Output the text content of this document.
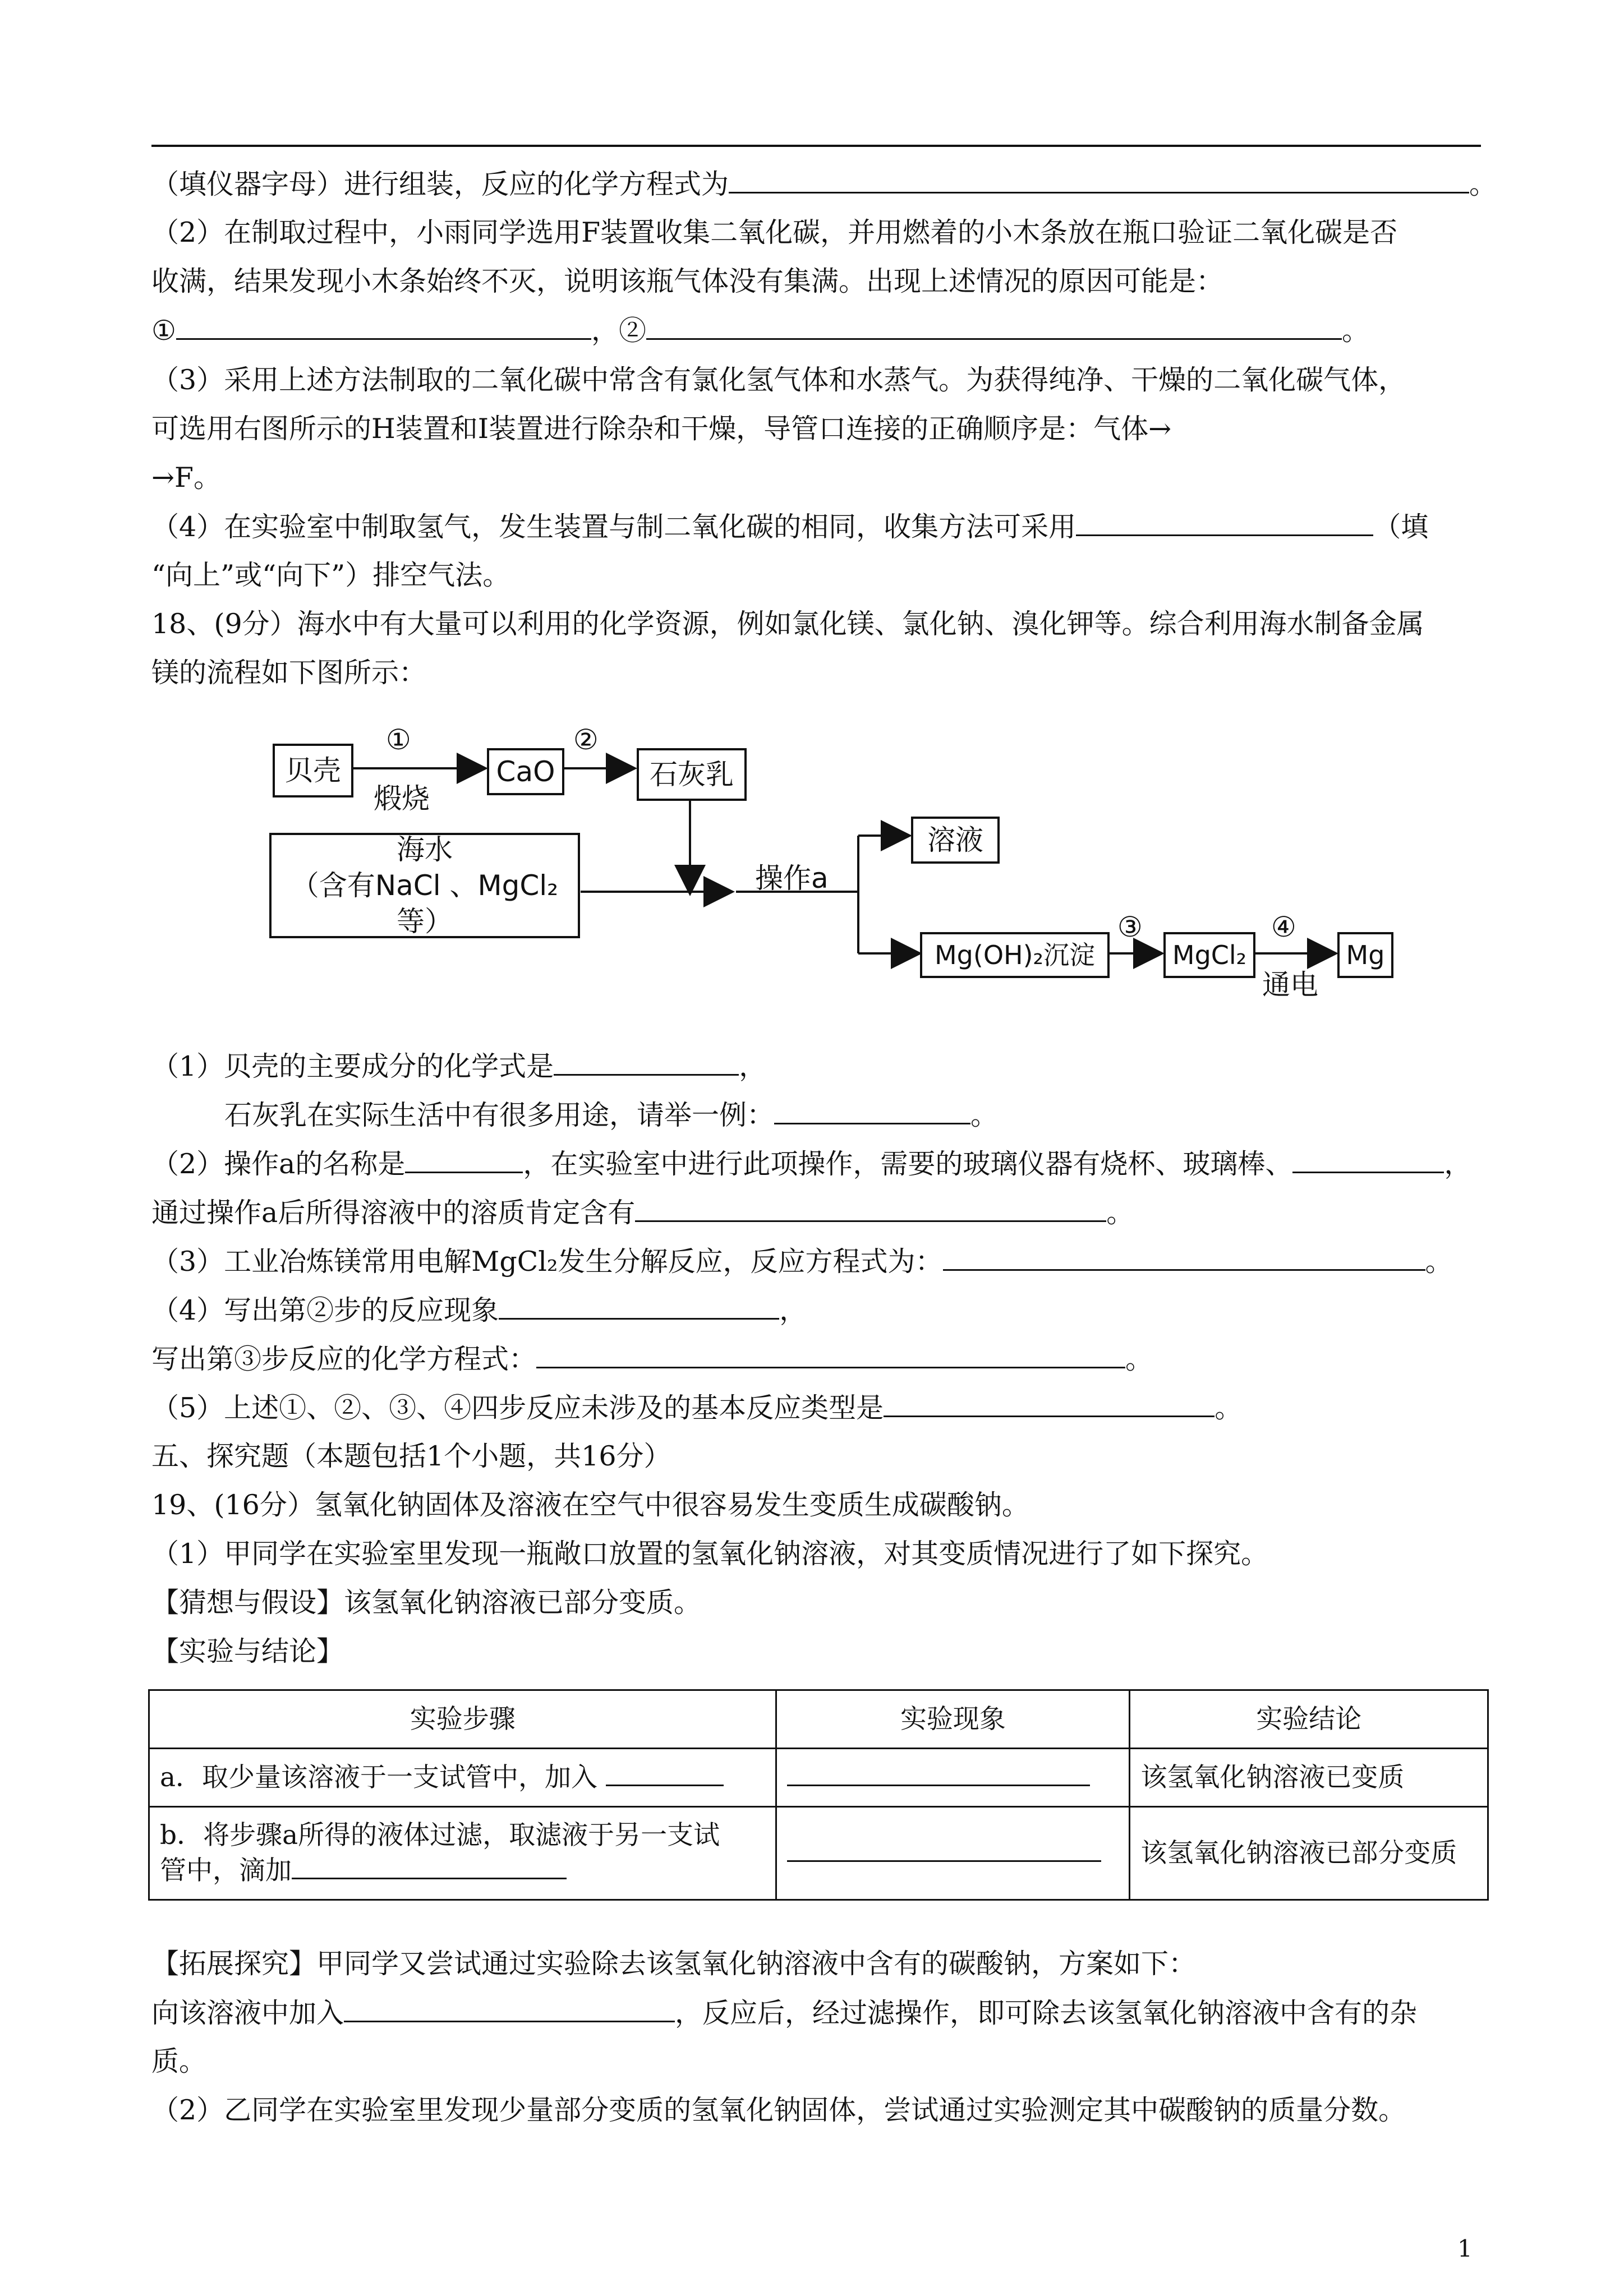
（填仪器字母）进行组装，反应的化学方程式为	。
（2）在制取过程中，小雨同学选用F装置收集二氧化碳，并用燃着的小木条放在瓶口验证二氧化碳是否
收满，结果发现小木条始终不灭，说明该瓶气体没有集满。出现上述情况的原因可能是：
①	，②	。
（3）采用上述方法制取的二氧化碳中常含有氯化氢气体和水蒸气。为获得纯净、干燥的二氧化碳气体，
可选用右图所示的H装置和I装置进行除杂和干燥，导管口连接的正确顺序是：气体→
→F。
（4）在实验室中制取氢气，发生装置与制二氧化碳的相同，收集方法可采用	（填
“向上”或“向下”）排空气法。
18、(9分）海水中有大量可以利用的化学资源，例如氯化镁、氯化钠、溴化钾等。综合利用海水制备金属
镁的流程如下图所示：
贝壳
①
煅烧
CaO
②
石灰乳
海水
（含有NaCl 、MgCl₂等）
操作a
溶液
Mg(OH)₂沉淀
③
MgCl₂
④
通电
Mg
（1）贝壳的主要成分的化学式是	，
石灰乳在实际生活中有很多用途，请举一例：	。
（2）操作a的名称是	，在实验室中进行此项操作，需要的玻璃仪器有烧杯、玻璃棒、	，
通过操作a后所得溶液中的溶质肯定含有	。
（3）工业冶炼镁常用电解MgCl₂发生分解反应，反应方程式为：	。
（4）写出第②步的反应现象	，
写出第③步反应的化学方程式：	。
（5）上述①、②、③、④四步反应未涉及的基本反应类型是	。
五、探究题（本题包括1个小题，共16分）
19、(16分）氢氧化钠固体及溶液在空气中很容易发生变质生成碳酸钠。
（1）甲同学在实验室里发现一瓶敞口放置的氢氧化钠溶液，对其变质情况进行了如下探究。
【猜想与假设】该氢氧化钠溶液已部分变质。
【实验与结论】
实验步骤	实验现象	实验结论
a．取少量该溶液于一支试管中，加入		该氢氧化钠溶液已变质

b．将步骤a所得的液体过滤，取滤液于另一支试
管中，滴加		该氢氧化钠溶液已部分变质
【拓展探究】甲同学又尝试通过实验除去该氢氧化钠溶液中含有的碳酸钠，方案如下：
向该溶液中加入	，反应后，经过滤操作，即可除去该氢氧化钠溶液中含有的杂
质。
（2）乙同学在实验室里发现少量部分变质的氢氧化钠固体，尝试通过实验测定其中碳酸钠的质量分数。
1
